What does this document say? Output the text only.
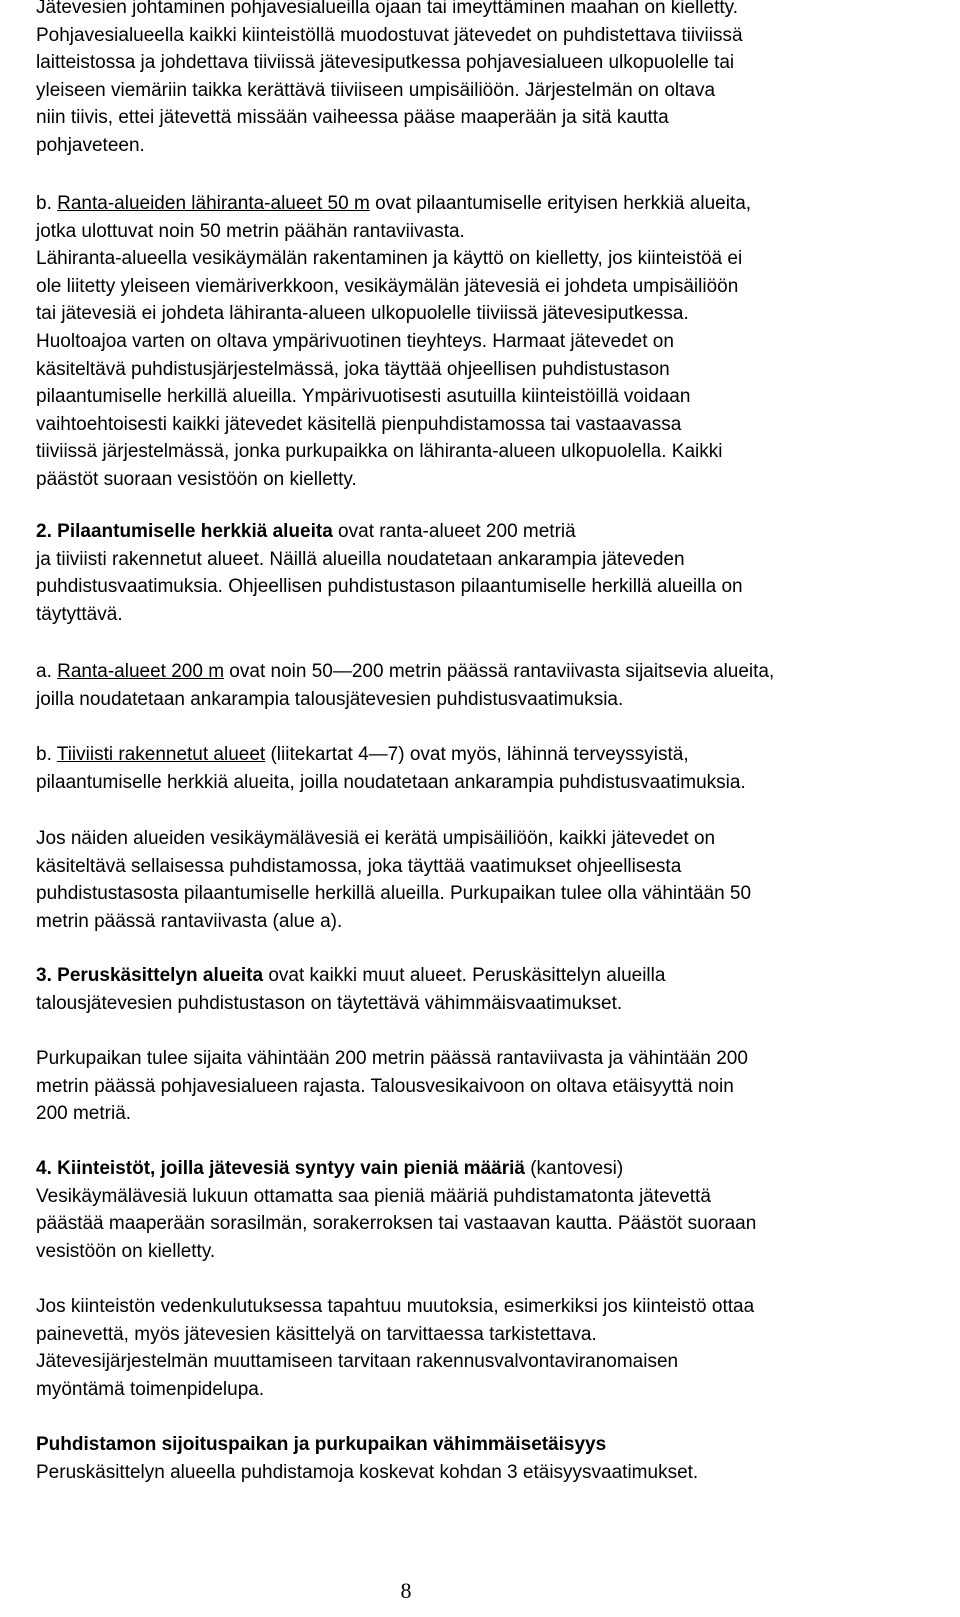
Jätevesien johtaminen pohjavesialueilla ojaan tai imeyttäminen maahan on kielletty.
Pohjavesialueella kaikki kiinteistöllä muodostuvat jätevedet on puhdistettava tiiviissä
laitteistossa ja johdettava tiiviissä jätevesiputkessa pohjavesialueen ulkopuolelle tai
yleiseen viemäriin taikka kerättävä tiiviiseen umpisäiliöön. Järjestelmän on oltava
niin tiivis, ettei jätevettä missään vaiheessa pääse maaperään ja sitä kautta
pohjaveteen.
b. Ranta-alueiden lähiranta-alueet 50 m ovat pilaantumiselle erityisen herkkiä alueita,
jotka ulottuvat noin 50 metrin päähän rantaviivasta.
Lähiranta-alueella vesikäymälän rakentaminen ja käyttö on kielletty, jos kiinteistöä ei
ole liitetty yleiseen viemäriverkkoon, vesikäymälän jätevesiä ei johdeta umpisäiliöön
tai jätevesiä ei johdeta lähiranta-alueen ulkopuolelle tiiviissä jätevesiputkessa.
Huoltoajoa varten on oltava ympärivuotinen tieyhteys. Harmaat jätevedet on
käsiteltävä puhdistusjärjestelmässä, joka täyttää ohjeellisen puhdistustason
pilaantumiselle herkillä alueilla. Ympärivuotisesti asutuilla kiinteistöillä voidaan
vaihtoehtoisesti kaikki jätevedet käsitellä pienpuhdistamossa tai vastaavassa
tiiviissä järjestelmässä, jonka purkupaikka on lähiranta-alueen ulkopuolella. Kaikki
päästöt suoraan vesistöön on kielletty.
2. Pilaantumiselle herkkiä alueita ovat ranta-alueet 200 metriä
ja tiiviisti rakennetut alueet. Näillä alueilla noudatetaan ankarampia jäteveden
puhdistusvaatimuksia. Ohjeellisen puhdistustason pilaantumiselle herkillä alueilla on
täytyttävä.
a. Ranta-alueet 200 m ovat noin 50—200 metrin päässä rantaviivasta sijaitsevia alueita,
joilla noudatetaan ankarampia talousjätevesien puhdistusvaatimuksia.
b. Tiiviisti rakennetut alueet (liitekartat 4—7) ovat myös, lähinnä terveyssyistä,
pilaantumiselle herkkiä alueita, joilla noudatetaan ankarampia puhdistusvaatimuksia.
Jos näiden alueiden vesikäymälävesiä ei kerätä umpisäiliöön, kaikki jätevedet on
käsiteltävä sellaisessa puhdistamossa, joka täyttää vaatimukset ohjeellisesta
puhdistustasosta pilaantumiselle herkillä alueilla. Purkupaikan tulee olla vähintään 50
metrin päässä rantaviivasta (alue a).
3. Peruskäsittelyn alueita ovat kaikki muut alueet. Peruskäsittelyn alueilla
talousjätevesien puhdistustason on täytettävä vähimmäisvaatimukset.
Purkupaikan tulee sijaita vähintään 200 metrin päässä rantaviivasta ja vähintään 200
metrin päässä pohjavesialueen rajasta. Talousvesikaivoon on oltava etäisyyttä noin
200 metriä.
4. Kiinteistöt, joilla jätevesiä syntyy vain pieniä määriä (kantovesi)
Vesikäymälävesiä lukuun ottamatta saa pieniä määriä puhdistamatonta jätevettä
päästää maaperään sorasilmän, sorakerroksen tai vastaavan kautta. Päästöt suoraan
vesistöön on kielletty.
Jos kiinteistön vedenkulutuksessa tapahtuu muutoksia, esimerkiksi jos kiinteistö ottaa
painevettä, myös jätevesien käsittelyä on tarvittaessa tarkistettava.
Jätevesijärjestelmän muuttamiseen tarvitaan rakennusvalvontaviranomaisen
myöntämä toimenpidelupa.
Puhdistamon sijoituspaikan ja purkupaikan vähimmäisetäisyys
Peruskäsittelyn alueella puhdistamoja koskevat kohdan 3 etäisyysvaatimukset.
8
